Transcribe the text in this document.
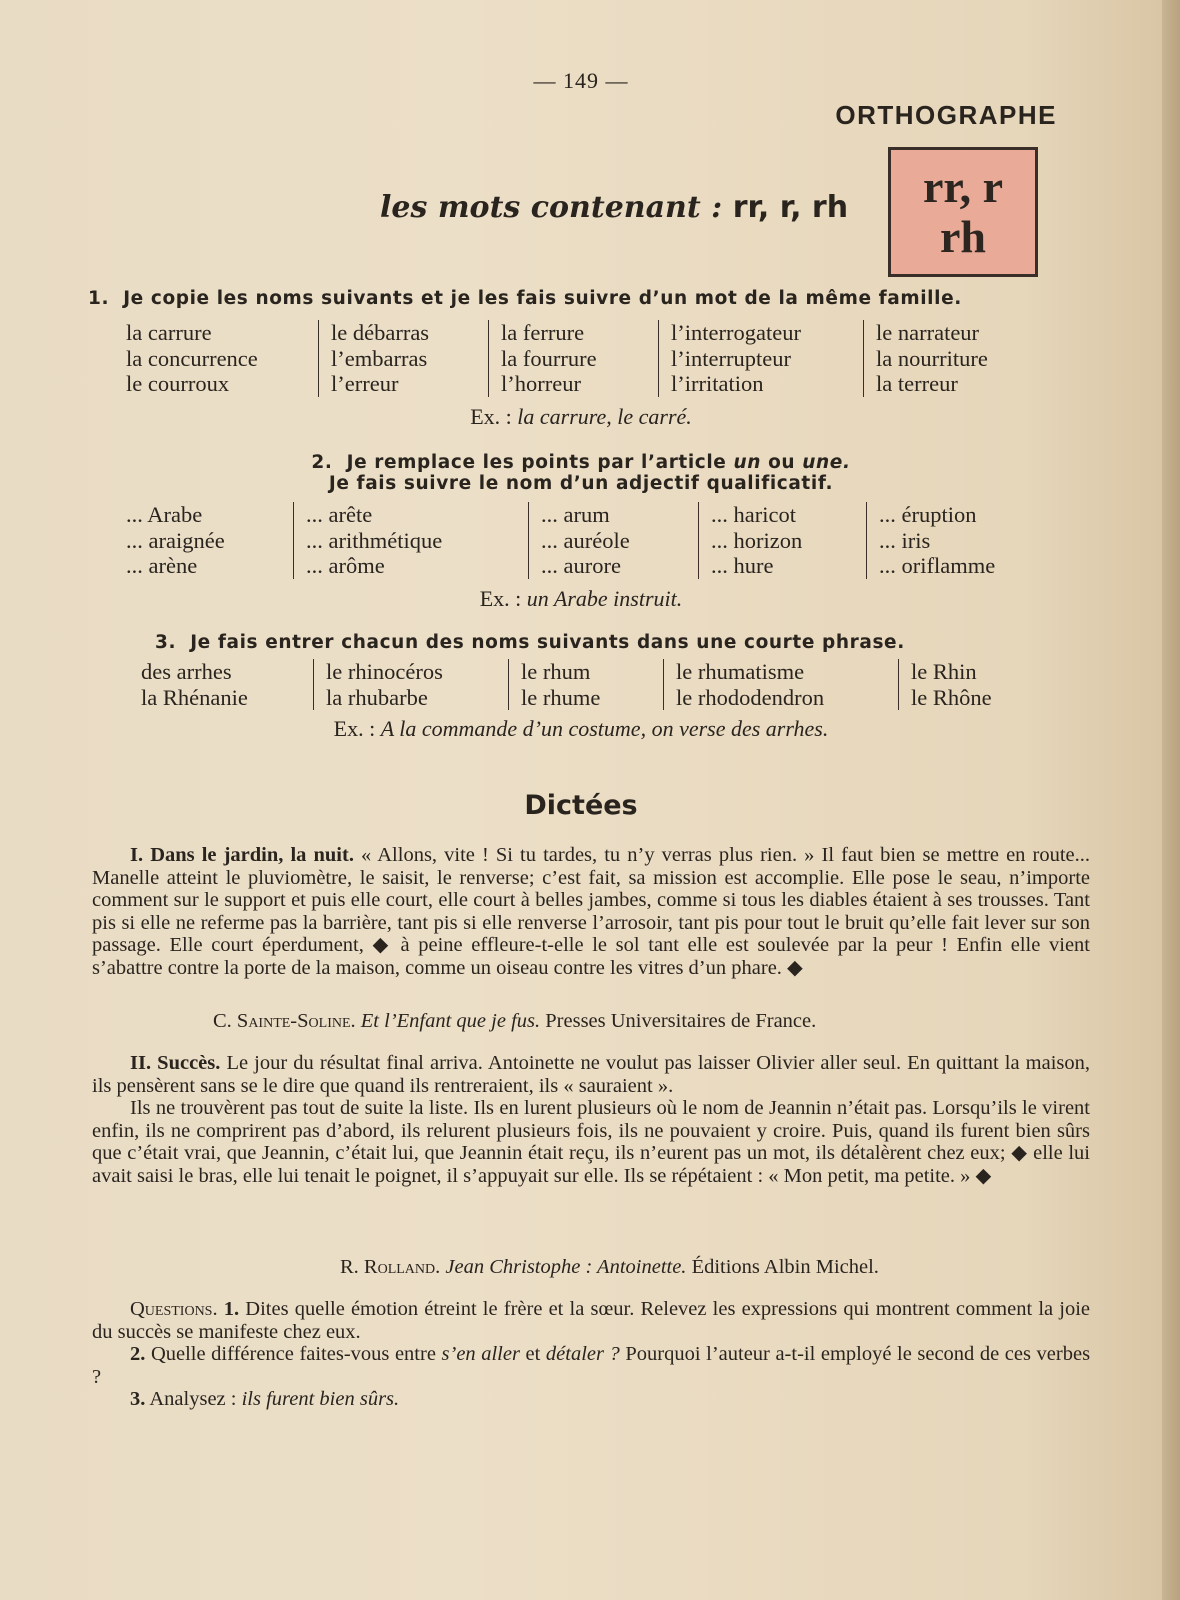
— 149 —
ORTHOGRAPHE
les mots contenant : rr, r, rh	rr, r
rh
1. Je copie les noms suivants et je les fais suivre d’un mot de la même famille.
la carrure
la concurrence
le courroux
le débarras
l’embarras
l’erreur
la ferrure
la fourrure
l’horreur
l’interrogateur
l’interrupteur
l’irritation
le narrateur
la nourriture
la terreur
Ex. : la carrure, le carré.
2. Je remplace les points par l’article un ou une.
Je fais suivre le nom d’un adjectif qualificatif.
... Arabe
... araignée
... arène
... arête
... arithmétique
... arôme
... arum
... auréole
... aurore
... haricot
... horizon
... hure
... éruption
... iris
... oriflamme
Ex. : un Arabe instruit.
3. Je fais entrer chacun des noms suivants dans une courte phrase.
des arrhes
la Rhénanie
le rhinocéros
la rhubarbe
le rhum
le rhume
le rhumatisme
le rhododendron
le Rhin
le Rhône
Ex. : A la commande d’un costume, on verse des arrhes.
Dictées

I. Dans le jardin, la nuit. « Allons, vite ! Si tu tardes, tu n’y verras plus rien. » Il faut bien se mettre en route... Manelle atteint le pluviomètre, le saisit, le renverse; c’est fait, sa mission est accomplie. Elle pose le seau, n’importe comment sur le support et puis elle court, elle court à belles jambes, comme si tous les diables étaient à ses trousses. Tant pis si elle ne referme pas la barrière, tant pis si elle renverse l’arrosoir, tant pis pour tout le bruit qu’elle fait lever sur son passage. Elle court éperdument, ◆ à peine effleure-t-elle le sol tant elle est soulevée par la peur ! Enfin elle vient s’abattre contre la porte de la maison, comme un oiseau contre les vitres d’un phare. ◆

C. Sainte-Soline. Et l’Enfant que je fus. Presses Universitaires de France.

II. Succès. Le jour du résultat final arriva. Antoinette ne voulut pas laisser Olivier aller seul. En quittant la maison, ils pensèrent sans se le dire que quand ils rentreraient, ils « sauraient ».

Ils ne trouvèrent pas tout de suite la liste. Ils en lurent plusieurs où le nom de Jeannin n’était pas. Lorsqu’ils le virent enfin, ils ne comprirent pas d’abord, ils relurent plusieurs fois, ils ne pouvaient y croire. Puis, quand ils furent bien sûrs que c’était vrai, que Jeannin, c’était lui, que Jeannin était reçu, ils n’eurent pas un mot, ils détalèrent chez eux; ◆ elle lui avait saisi le bras, elle lui tenait le poignet, il s’appuyait sur elle. Ils se répétaient : « Mon petit, ma petite. » ◆

R. Rolland. Jean Christophe : Antoinette. Éditions Albin Michel.

Questions. 1. Dites quelle émotion étreint le frère et la sœur. Relevez les expressions qui montrent comment la joie du succès se manifeste chez eux.

2. Quelle différence faites-vous entre s’en aller et détaler ? Pourquoi l’auteur a-t-il employé le second de ces verbes ?

3. Analysez : ils furent bien sûrs.
